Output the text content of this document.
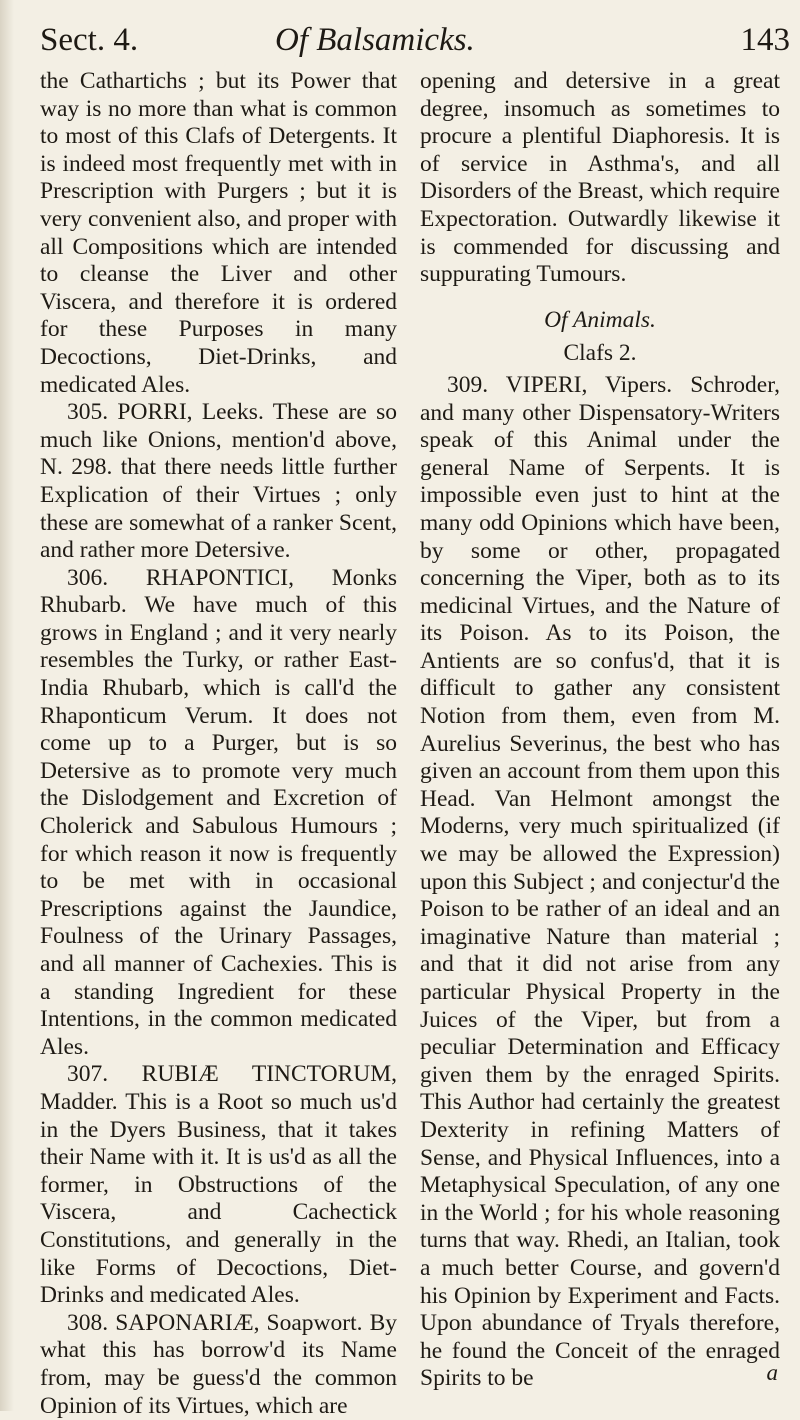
Sect. 4.	Of Balsamicks.	143

the Cathartichs ; but its Power that way is no more than what is common to most of this Clafs of Detergents. It is indeed most frequently met with in Prescription with Purgers ; but it is very convenient also, and proper with all Compositions which are intended to cleanse the Liver and other Viscera, and therefore it is ordered for these Purposes in many Decoctions, Diet-Drinks, and medicated Ales.

305. PORRI, Leeks. These are so much like Onions, mention'd above, N. 298. that there needs little further Explication of their Virtues ; only these are somewhat of a ranker Scent, and rather more Detersive.

306. RHAPONTICI, Monks Rhubarb. We have much of this grows in England ; and it very nearly resembles the Turky, or rather East-India Rhubarb, which is call'd the Rhaponticum Verum. It does not come up to a Purger, but is so Detersive as to promote very much the Dislodgement and Excretion of Cholerick and Sabulous Humours ; for which reason it now is frequently to be met with in occasional Prescriptions against the Jaundice, Foulness of the Urinary Passages, and all manner of Cachexies. This is a standing Ingredient for these Intentions, in the common medicated Ales.

307. RUBIÆ TINCTORUM, Madder. This is a Root so much us'd in the Dyers Business, that it takes their Name with it. It is us'd as all the former, in Obstructions of the Viscera, and Cachectick Constitutions, and generally in the like Forms of Decoctions, Diet-Drinks and medicated Ales.

308. SAPONARIÆ, Soapwort. By what this has borrow'd its Name from, may be guess'd the common Opinion of its Virtues, which are

opening and detersive in a great degree, insomuch as sometimes to procure a plentiful Diaphoresis. It is of service in Asthma's, and all Disorders of the Breast, which require Expectoration. Outwardly likewise it is commended for discussing and suppurating Tumours.

Of Animals.
Clafs 2.

309. VIPERI, Vipers. Schroder, and many other Dispensatory-Writers speak of this Animal under the general Name of Serpents. It is impossible even just to hint at the many odd Opinions which have been, by some or other, propagated concerning the Viper, both as to its medicinal Virtues, and the Nature of its Poison. As to its Poison, the Antients are so confus'd, that it is difficult to gather any consistent Notion from them, even from M. Aurelius Severinus, the best who has given an account from them upon this Head. Van Helmont amongst the Moderns, very much spiritualized (if we may be allowed the Expression) upon this Subject ; and conjectur'd the Poison to be rather of an ideal and an imaginative Nature than material ; and that it did not arise from any particular Physical Property in the Juices of the Viper, but from a peculiar Determination and Efficacy given them by the enraged Spirits. This Author had certainly the greatest Dexterity in refining Matters of Sense, and Physical Influences, into a Metaphysical Speculation, of any one in the World ; for his whole reasoning turns that way. Rhedi, an Italian, took a much better Course, and govern'd his Opinion by Experiment and Facts. Upon abundance of Tryals therefore, he found the Conceit of the enraged Spirits to be	a
